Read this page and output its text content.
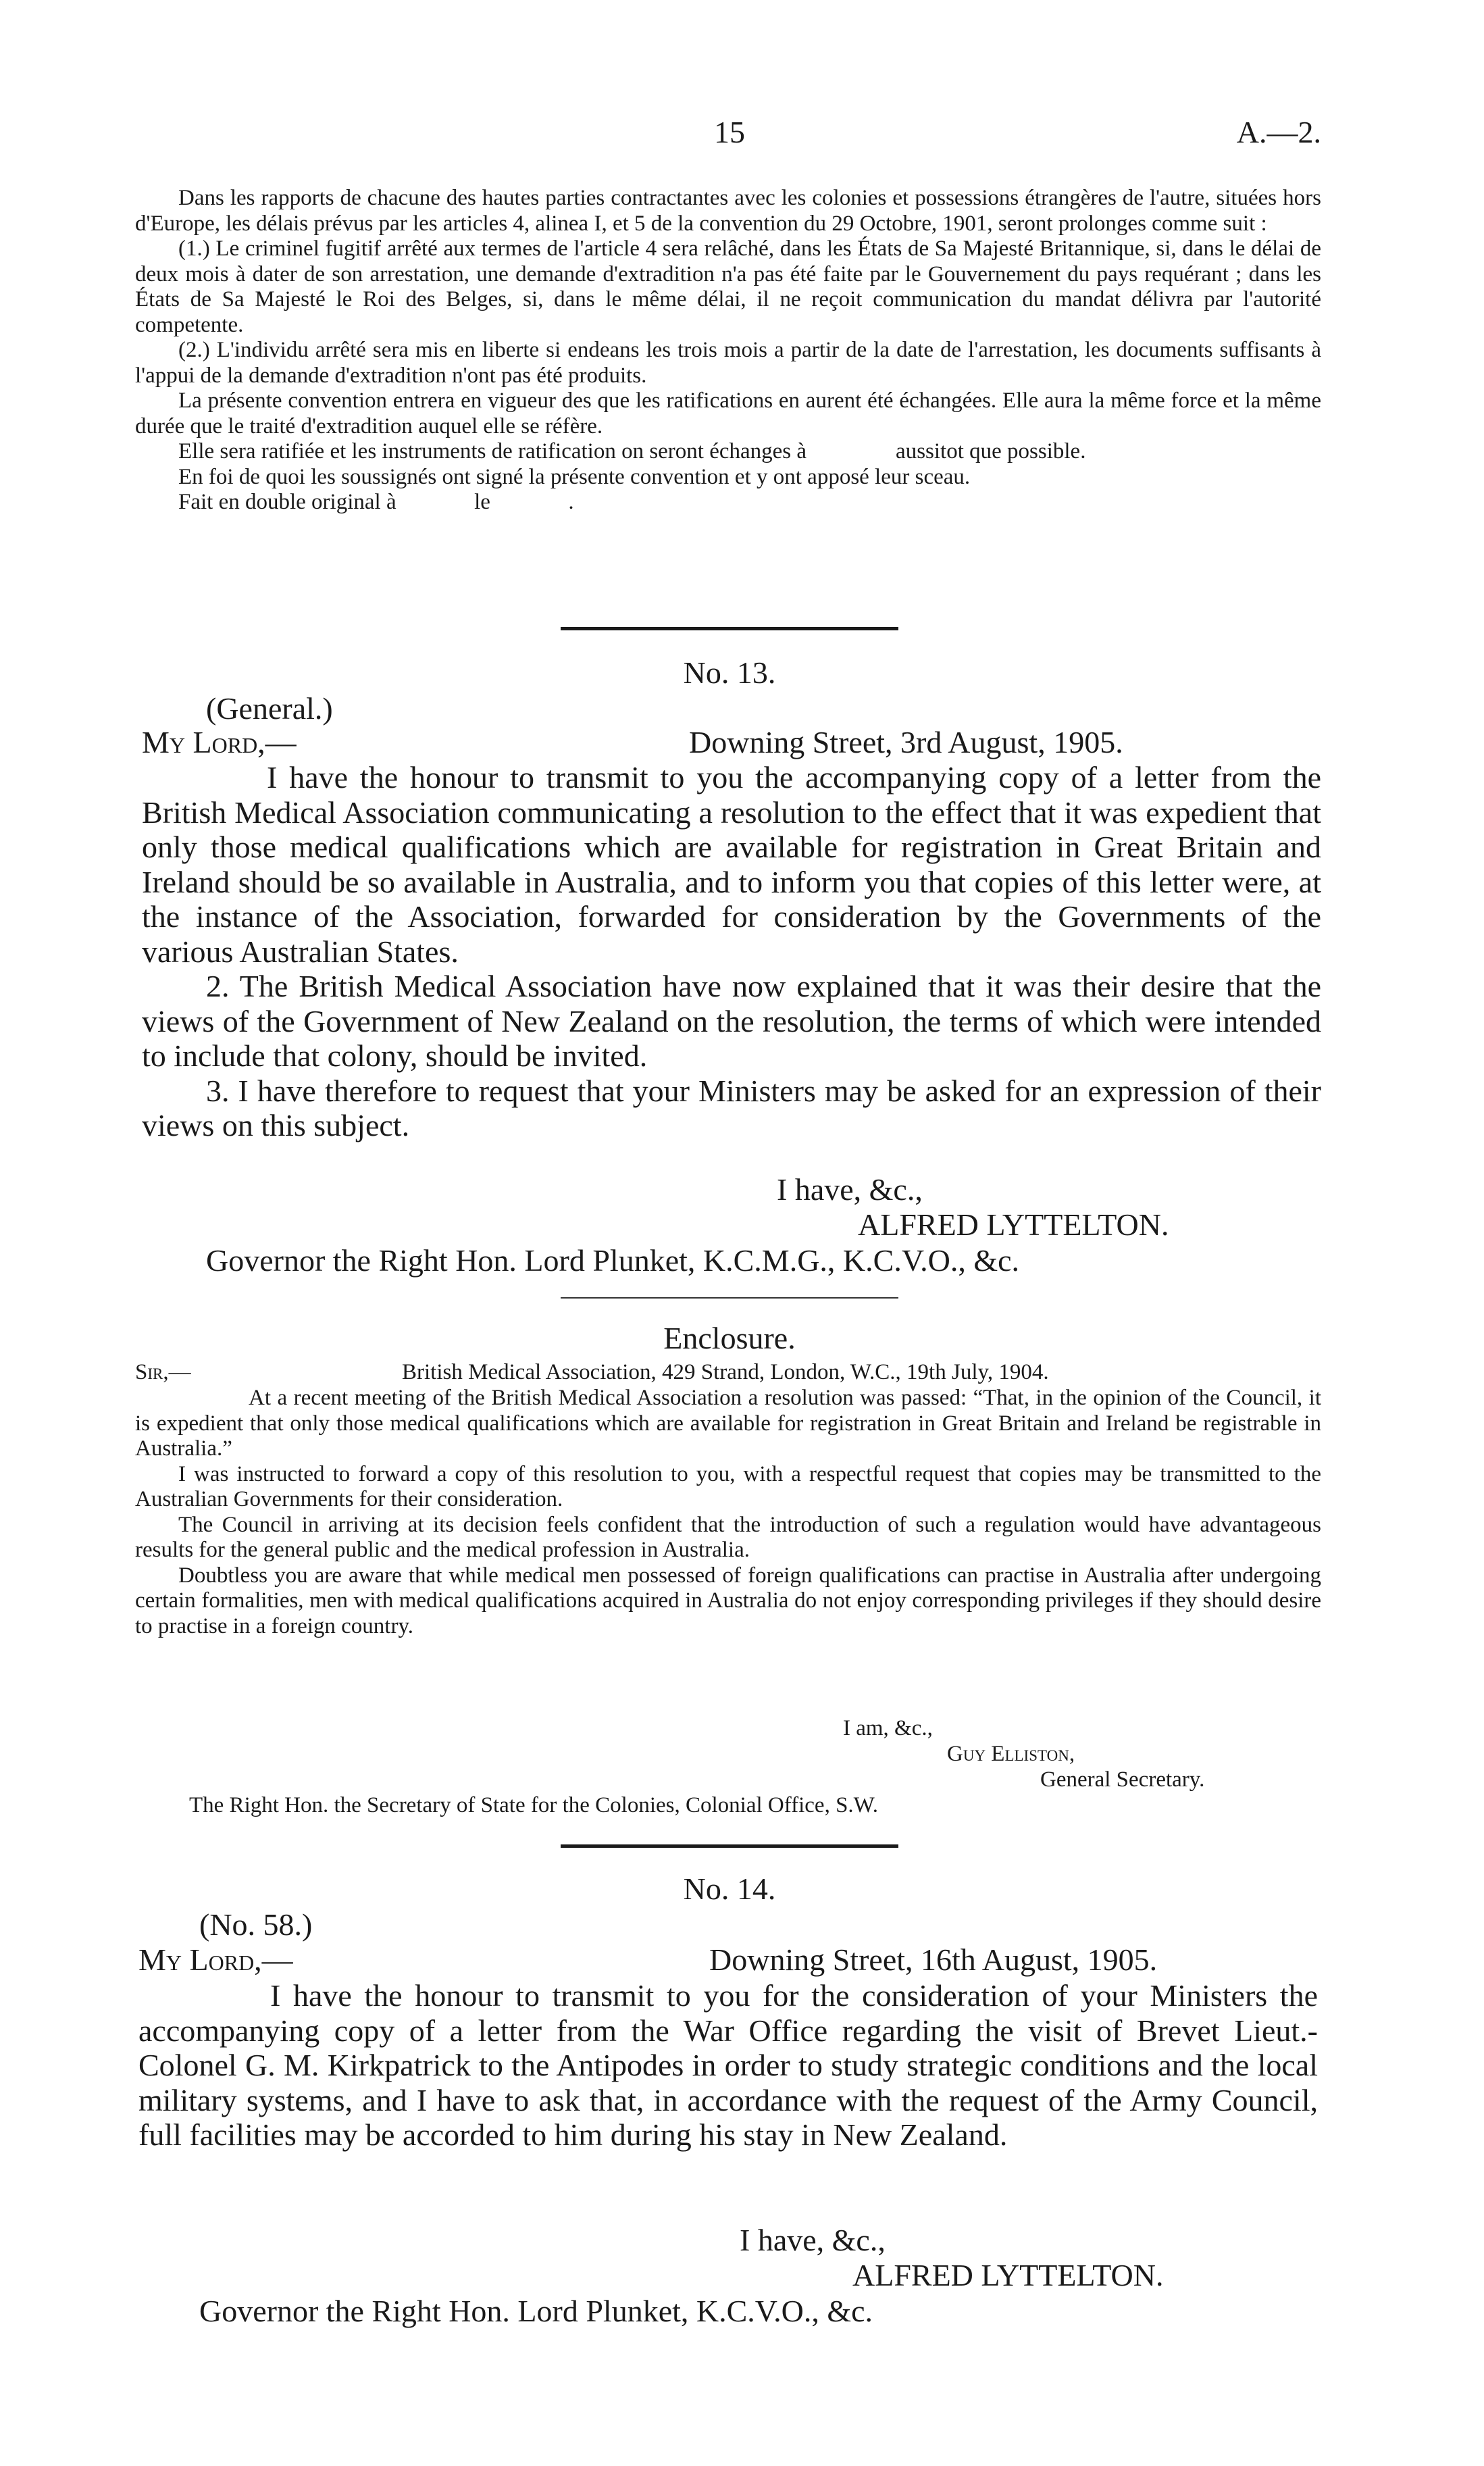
15	A.—2.

Dans les rapports de chacune des hautes parties contractantes avec les colonies et possessions étrangères de l'autre, situées hors d'Europe, les délais prévus par les articles 4, alinea I, et 5 de la convention du 29 Octobre, 1901, seront prolonges comme suit :

(1.) Le criminel fugitif arrêté aux termes de l'article 4 sera relâché, dans les États de Sa Majesté Britannique, si, dans le délai de deux mois à dater de son arrestation, une demande d'extradition n'a pas été faite par le Gouvernement du pays requérant ; dans les États de Sa Majesté le Roi des Belges, si, dans le même délai, il ne reçoit communication du mandat délivra par l'autorité competente.

(2.) L'individu arrêté sera mis en liberte si endeans les trois mois a partir de la date de l'arrestation, les documents suffisants à l'appui de la demande d'extradition n'ont pas été produits.

La présente convention entrera en vigueur des que les ratifications en aurent été échangées. Elle aura la même force et la même durée que le traité d'extradition auquel elle se réfère.

Elle sera ratifiée et les instruments de ratification on seront échanges à                aussitot que possible.

En foi de quoi les soussignés ont signé la présente convention et y ont apposé leur sceau.

Fait en double original à              le              .

No. 13.
(General.)
My Lord,—	Downing Street, 3rd August, 1905.

I have the honour to transmit to you the accompanying copy of a letter from the British Medical Association communicating a resolution to the effect that it was expedient that only those medical qualifications which are available for registration in Great Britain and Ireland should be so available in Australia, and to inform you that copies of this letter were, at the instance of the Association, forwarded for consideration by the Governments of the various Australian States.

2. The British Medical Association have now explained that it was their desire that the views of the Government of New Zealand on the resolution, the terms of which were intended to include that colony, should be invited.

3. I have therefore to request that your Ministers may be asked for an expression of their views on this subject.

I have, &c.,
ALFRED LYTTELTON.
Governor the Right Hon. Lord Plunket, K.C.M.G., K.C.V.O., &c.
Enclosure.
Sir,—	British Medical Association, 429 Strand, London, W.C., 19th July, 1904.

At a recent meeting of the British Medical Association a resolution was passed: “That, in the opinion of the Council, it is expedient that only those medical qualifications which are available for registration in Great Britain and Ireland be registrable in Australia.”

I was instructed to forward a copy of this resolution to you, with a respectful request that copies may be transmitted to the Australian Governments for their consideration.

The Council in arriving at its decision feels confident that the introduction of such a regulation would have advantageous results for the general public and the medical profession in Australia.

Doubtless you are aware that while medical men possessed of foreign qualifications can practise in Australia after undergoing certain formalities, men with medical qualifications acquired in Australia do not enjoy corresponding privileges if they should desire to practise in a foreign country.

I am, &c.,
Guy Elliston,
General Secretary.
The Right Hon. the Secretary of State for the Colonies, Colonial Office, S.W.
No. 14.
(No. 58.)
My Lord,—	Downing Street, 16th August, 1905.

I have the honour to transmit to you for the consideration of your Ministers the accompanying copy of a letter from the War Office regarding the visit of Brevet Lieut.-Colonel G. M. Kirkpatrick to the Antipodes in order to study strategic conditions and the local military systems, and I have to ask that, in accordance with the request of the Army Council, full facilities may be accorded to him during his stay in New Zealand.

I have, &c.,
ALFRED LYTTELTON.
Governor the Right Hon. Lord Plunket, K.C.V.O., &c.
